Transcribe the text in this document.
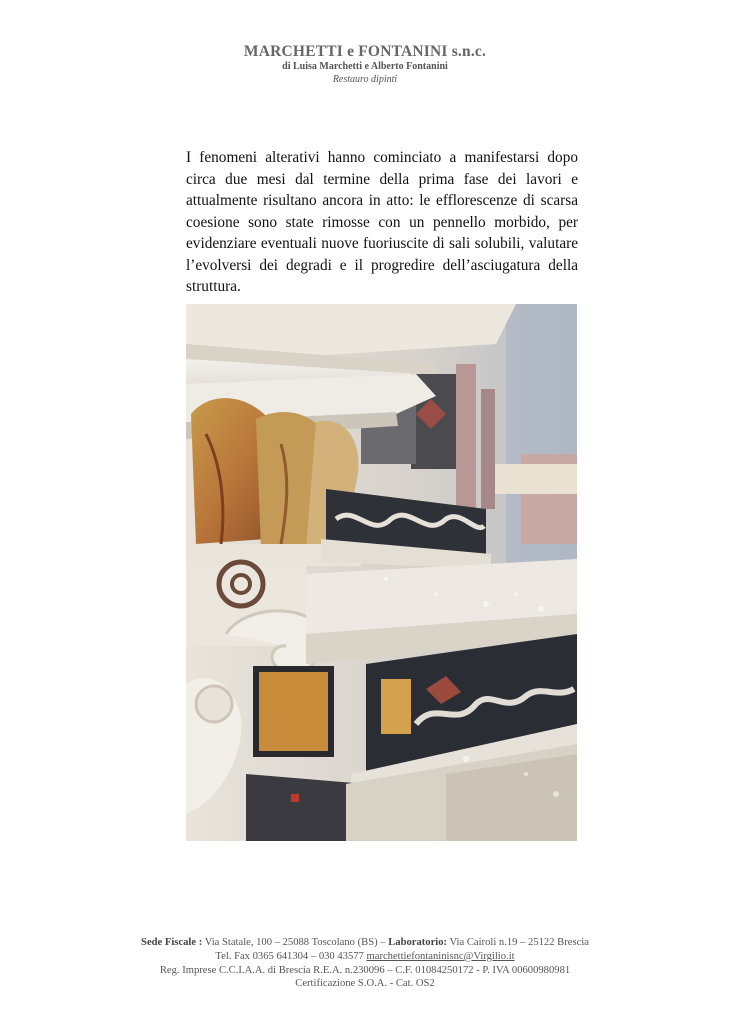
MARCHETTI e FONTANINI s.n.c.
di Luisa Marchetti e Alberto Fontanini
Restauro dipinti

I fenomeni alterativi hanno cominciato a manifestarsi dopo circa due mesi dal termine della prima fase dei lavori e attualmente risultano ancora in atto: le efflorescenze di scarsa coesione sono state rimosse con un pennello morbido, per evidenziare eventuali nuove fuoriuscite di sali solubili, valutare l’evolversi dei degradi e il progredire dell’asciugatura della struttura.

Sede Fiscale : Via Statale, 100 – 25088 Toscolano (BS) – Laboratorio: Via Cairoli n.19 – 25122 Brescia
Tel. Fax 0365 641304 – 030 43577 marchettiefontaninisnc@Virgilio.it
Reg. Imprese C.C.I.A.A. di Brescia R.E.A. n.230096 – C.F. 01084250172 - P. IVA 00600980981
Certificazione S.O.A. - Cat. OS2
